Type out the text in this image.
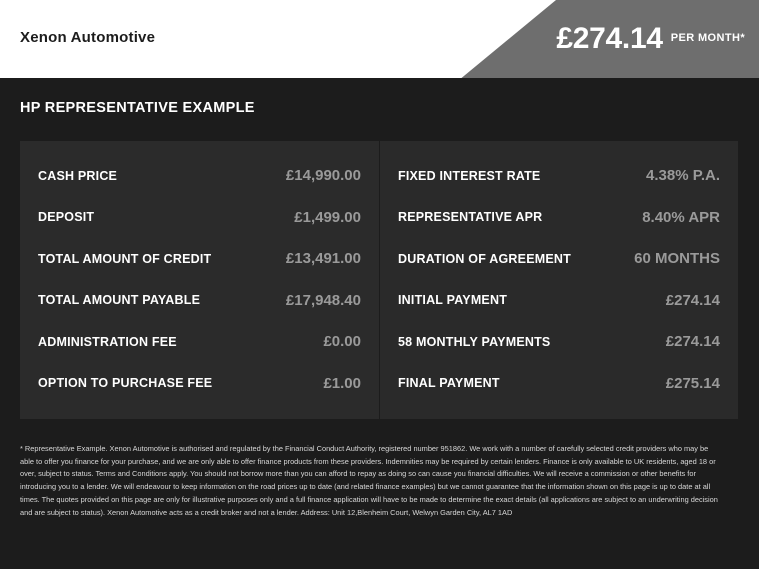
Xenon Automotive	£274.14 PER MONTH*
HP REPRESENTATIVE EXAMPLE
CASH PRICE	£14,990.00
DEPOSIT	£1,499.00
TOTAL AMOUNT OF CREDIT	£13,491.00
TOTAL AMOUNT PAYABLE	£17,948.40
ADMINISTRATION FEE	£0.00
OPTION TO PURCHASE FEE	£1.00
FIXED INTEREST RATE	4.38% P.A.
REPRESENTATIVE APR	8.40% APR
DURATION OF AGREEMENT	60 MONTHS
INITIAL PAYMENT	£274.14
58 MONTHLY PAYMENTS	£274.14
FINAL PAYMENT	£275.14
* Representative Example. Xenon Automotive is authorised and regulated by the Financial Conduct Authority, registered number 951862. We work with a number of carefully selected credit providers who may be able to offer you finance for your purchase, and we are only able to offer finance products from these providers. Indemnities may be required by certain lenders. Finance is only available to UK residents, aged 18 or over, subject to status. Terms and Conditions apply. You should not borrow more than you can afford to repay as doing so can cause you financial difficulties. We will receive a commission or other benefits for introducing you to a lender. We will endeavour to keep information on the road prices up to date (and related finance examples) but we cannot guarantee that the information shown on this page is up to date at all times. The quotes provided on this page are only for illustrative purposes only and a full finance application will have to be made to determine the exact details (all applications are subject to an underwriting decision and are subject to status). Xenon Automotive acts as a credit broker and not a lender. Address: Unit 12,Blenheim Court, Welwyn Garden City, AL7 1AD
